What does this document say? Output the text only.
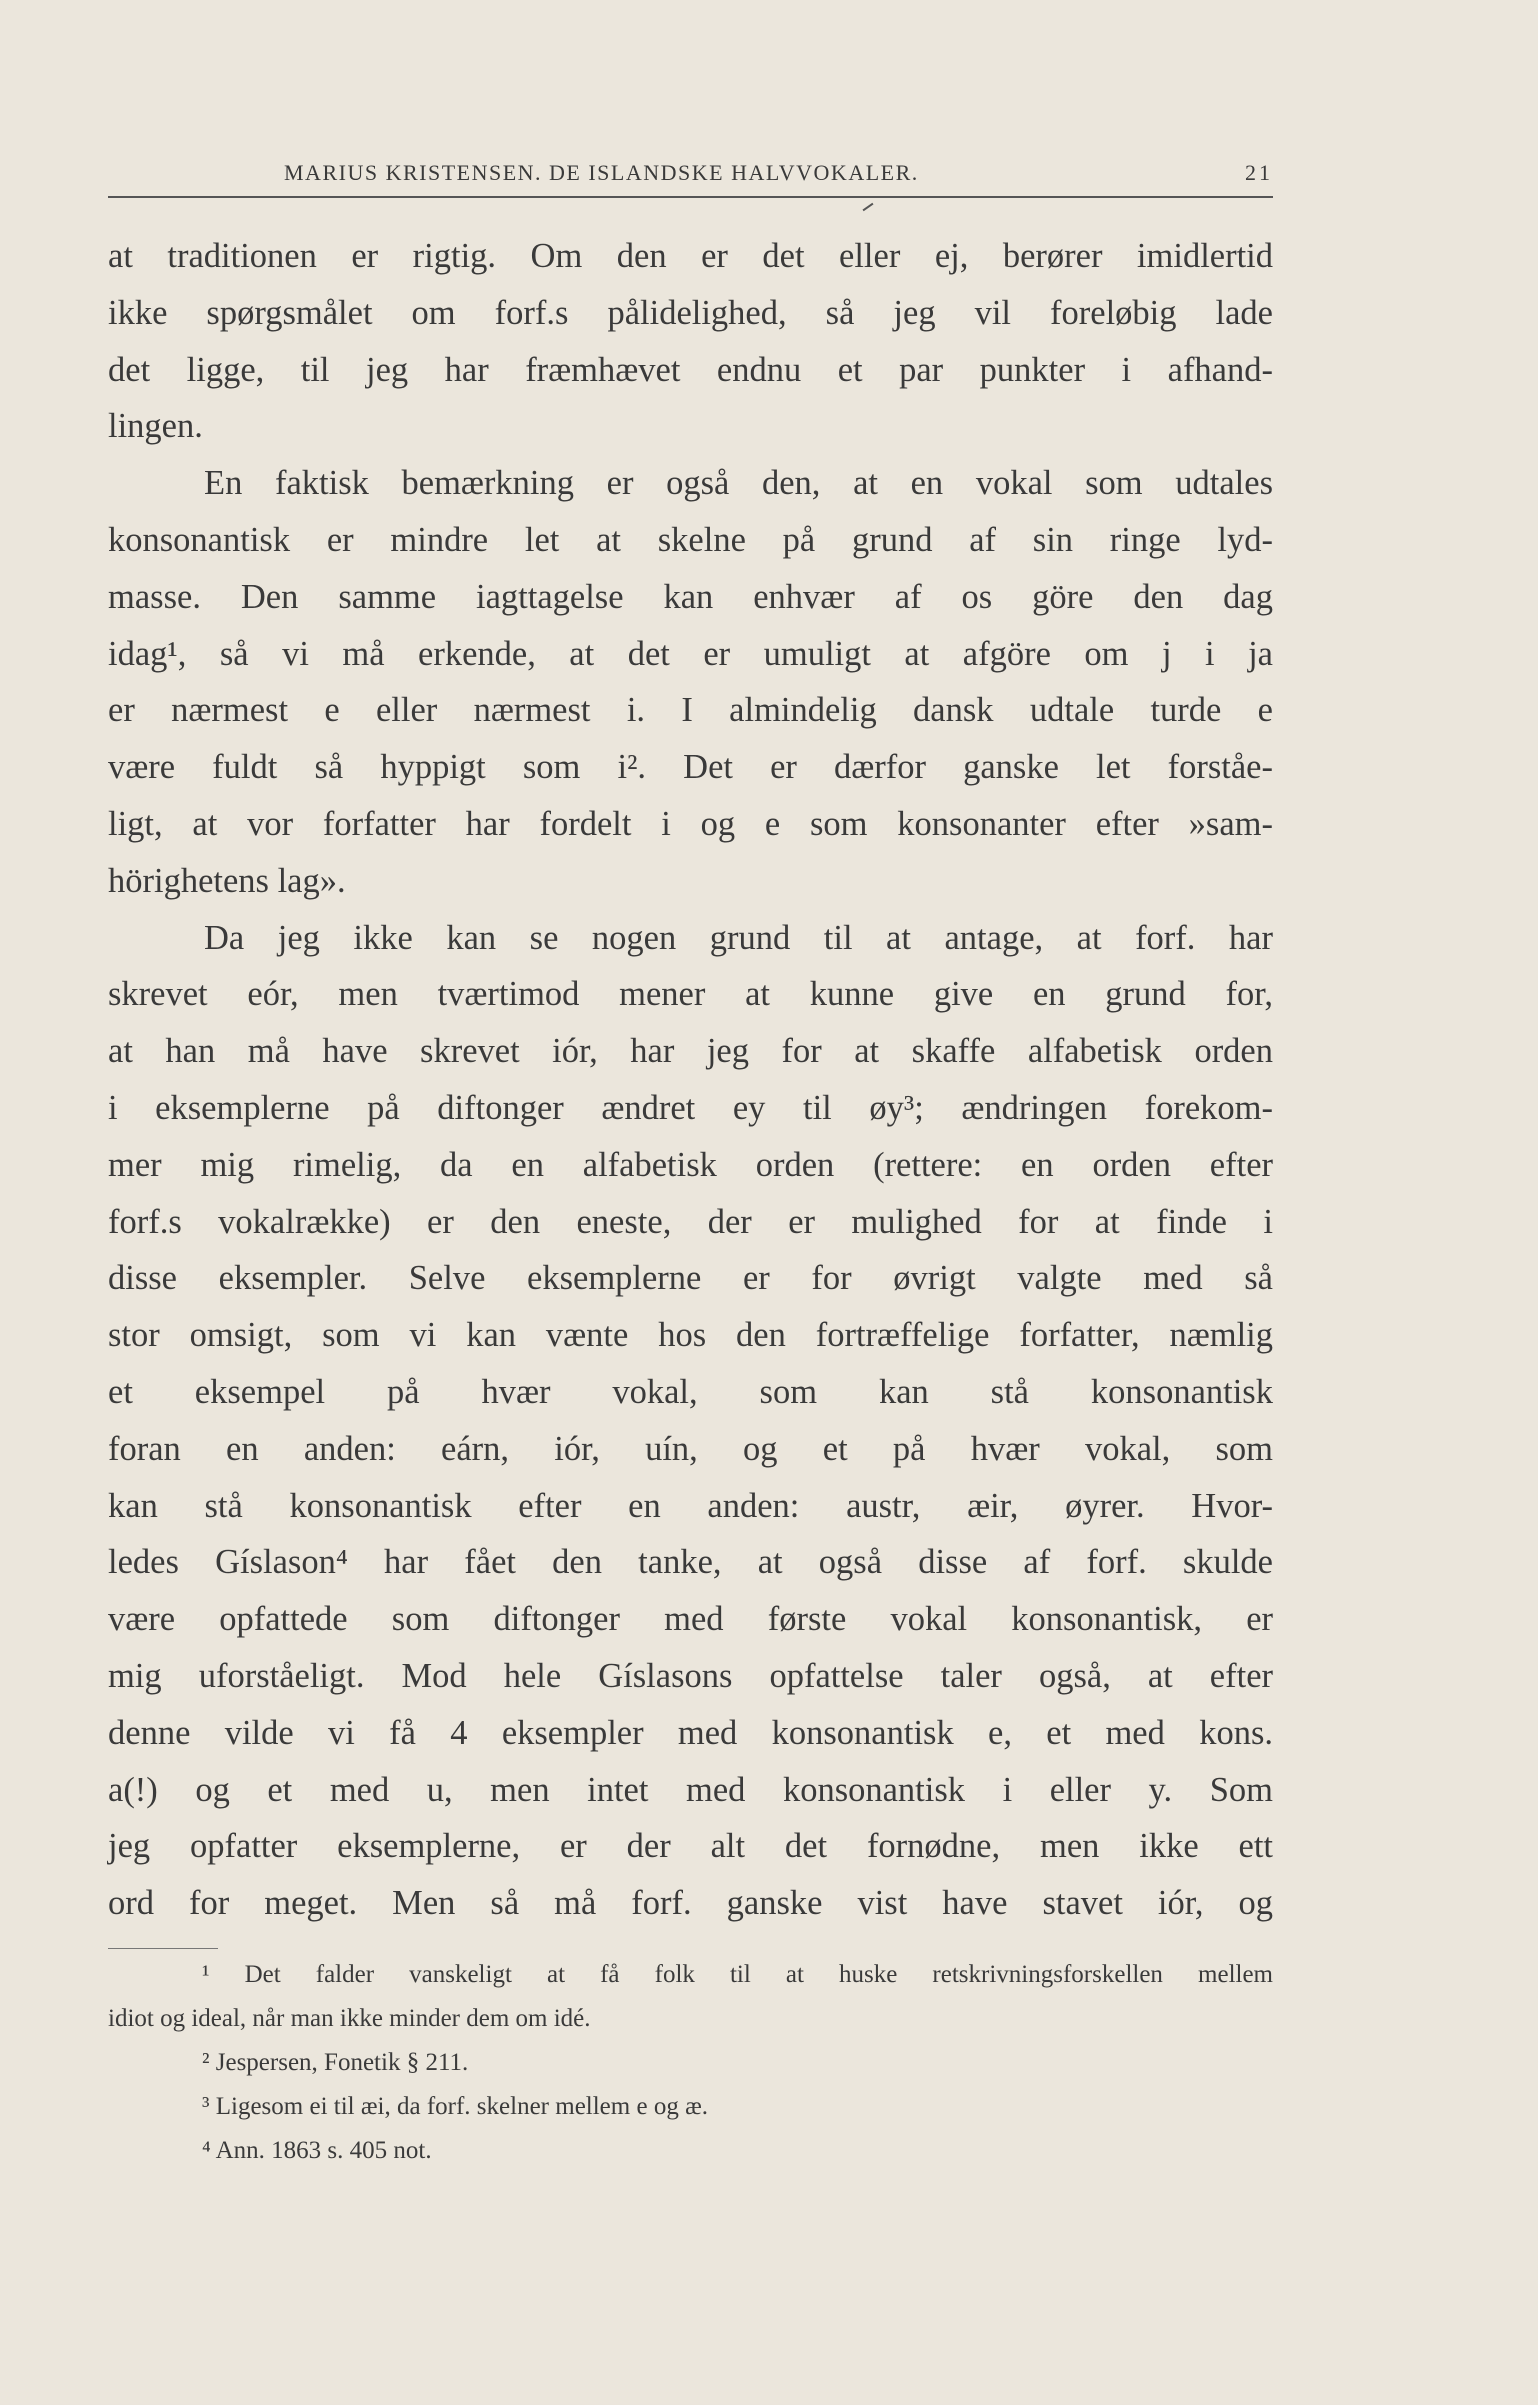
MARIUS KRISTENSEN. DE ISLANDSKE HALVVOKALER.	21
at traditionen er rigtig. Om den er det eller ej, berører imidlertid
ikke spørgsmålet om forf.s pålidelighed, så jeg vil foreløbig lade
det ligge, til jeg har fræmhævet endnu et par punkter i afhand-
lingen.
En faktisk bemærkning er også den, at en vokal som udtales
konsonantisk er mindre let at skelne på grund af sin ringe lyd-
masse. Den samme iagttagelse kan enhvær af os göre den dag
idag¹, så vi må erkende, at det er umuligt at afgöre om j i ja
er nærmest e eller nærmest i. I almindelig dansk udtale turde e
være fuldt så hyppigt som i². Det er dærfor ganske let forståe-
ligt, at vor forfatter har fordelt i og e som konsonanter efter »sam-
hörighetens lag».
Da jeg ikke kan se nogen grund til at antage, at forf. har
skrevet eór, men tværtimod mener at kunne give en grund for,
at han må have skrevet iór, har jeg for at skaffe alfabetisk orden
i eksemplerne på diftonger ændret ey til øy³; ændringen forekom-
mer mig rimelig, da en alfabetisk orden (rettere: en orden efter
forf.s vokalrække) er den eneste, der er mulighed for at finde i
disse eksempler. Selve eksemplerne er for øvrigt valgte med så
stor omsigt, som vi kan vænte hos den fortræffelige forfatter, næmlig
et eksempel på hvær vokal, som kan stå konsonantisk
foran en anden: eárn, iór, uín, og et på hvær vokal, som
kan stå konsonantisk efter en anden: austr, æir, øyrer. Hvor-
ledes Gíslason⁴ har fået den tanke, at også disse af forf. skulde
være opfattede som diftonger med første vokal konsonantisk, er
mig uforståeligt. Mod hele Gíslasons opfattelse taler også, at efter
denne vilde vi få 4 eksempler med konsonantisk e, et med kons.
a(!) og et med u, men intet med konsonantisk i eller y. Som
jeg opfatter eksemplerne, er der alt det fornødne, men ikke ett
ord for meget. Men så må forf. ganske vist have stavet iór, og
¹ Det falder vanskeligt at få folk til at huske retskrivningsforskellen mellem
idiot og ideal, når man ikke minder dem om idé.
² Jespersen, Fonetik § 211.
³ Ligesom ei til æi, da forf. skelner mellem e og æ.
⁴ Ann. 1863 s. 405 not.
